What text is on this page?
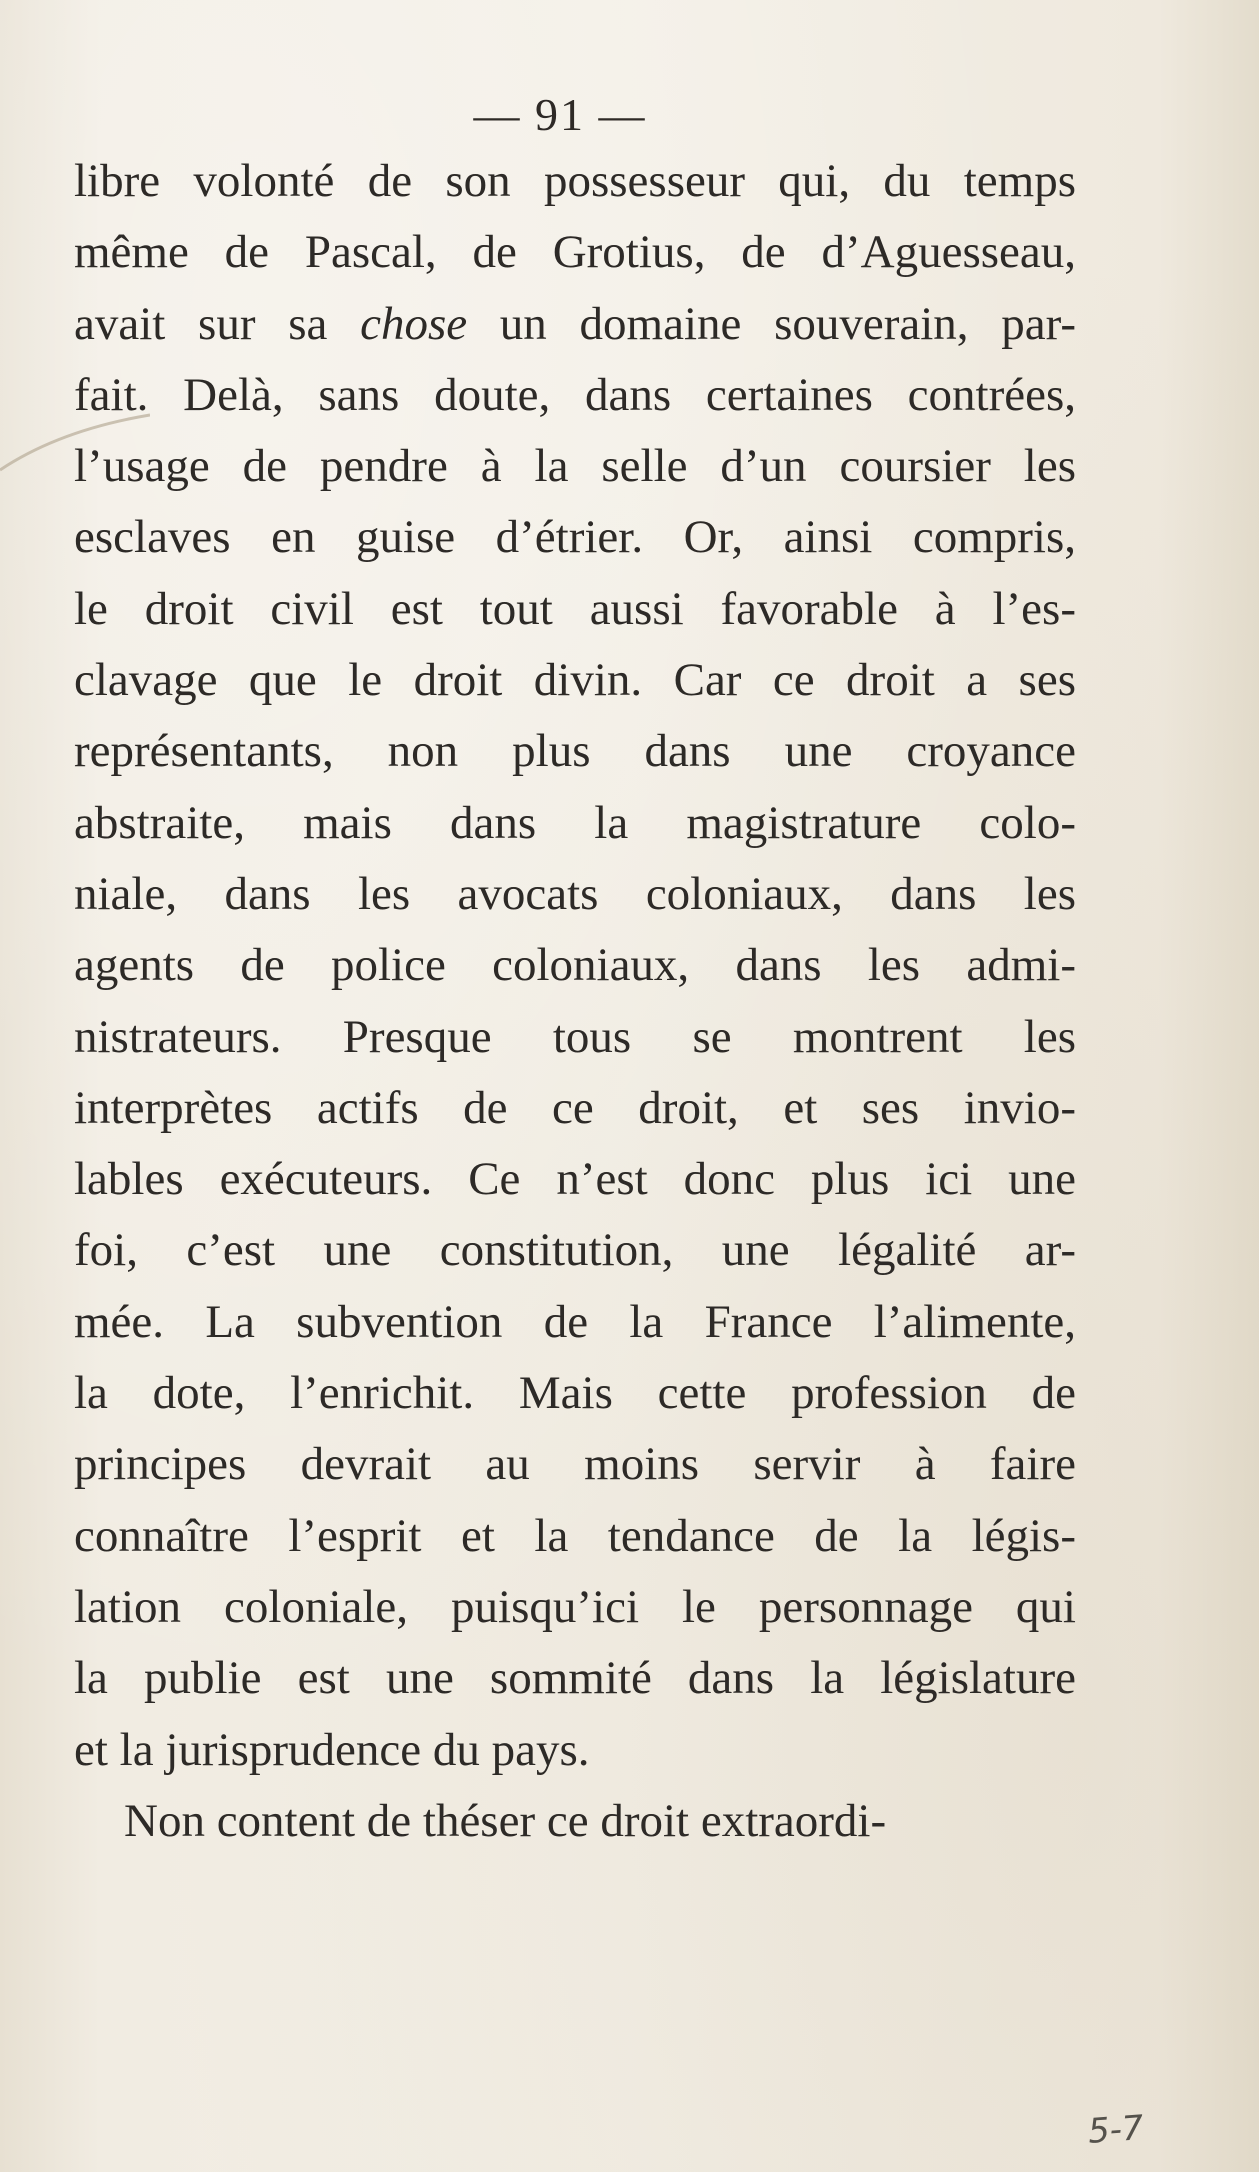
— 91 —
libre volonté de son possesseur qui, du temps
même de Pascal, de Grotius, de d’Aguesseau,
avait sur sa chose un domaine souverain, par-
fait. Delà, sans doute, dans certaines contrées,
l’usage de pendre à la selle d’un coursier les
esclaves en guise d’étrier. Or, ainsi compris,
le droit civil est tout aussi favorable à l’es-
clavage que le droit divin. Car ce droit a ses
représentants, non plus dans une croyance
abstraite, mais dans la magistrature colo-
niale, dans les avocats coloniaux, dans les
agents de police coloniaux, dans les admi-
nistrateurs. Presque tous se montrent les
interprètes actifs de ce droit, et ses invio-
lables exécuteurs. Ce n’est donc plus ici une
foi, c’est une constitution, une légalité ar-
mée. La subvention de la France l’alimente,
la dote, l’enrichit. Mais cette profession de
principes devrait au moins servir à faire
connaître l’esprit et la tendance de la légis-
lation coloniale, puisqu’ici le personnage qui
la publie est une sommité dans la législature
et la jurisprudence du pays.
Non content de théser ce droit extraordi-
5-7
